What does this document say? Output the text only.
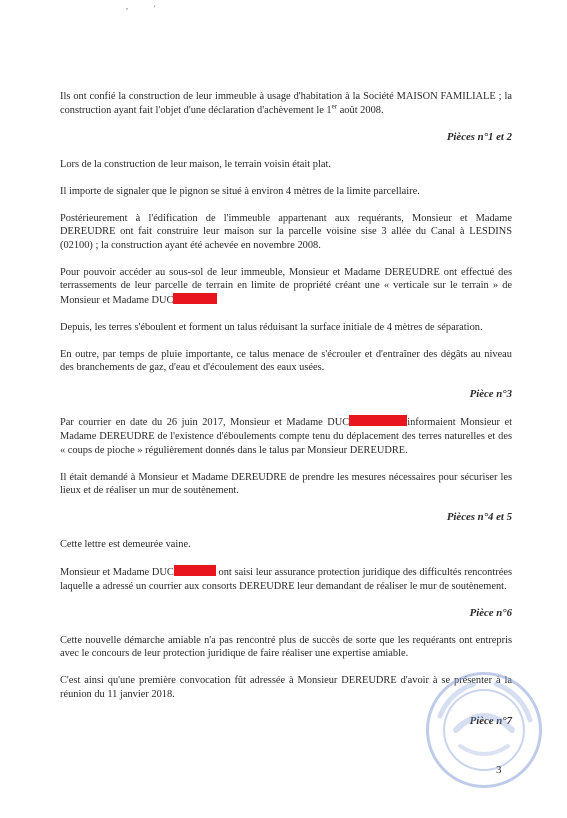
,	'

Ils ont confié la construction de leur immeuble à usage d'habitation à la Société MAISON FAMILIALE ; la construction ayant fait l'objet d'une déclaration d'achèvement le 1er août 2008.

Pièces n°1 et 2

Lors de la construction de leur maison, le terrain voisin était plat.

Il importe de signaler que le pignon se situé à environ 4 mètres de la limite parcellaire.

Postérieurement à l'édification de l'immeuble appartenant aux requérants, Monsieur et Madame DEREUDRE ont fait construire leur maison sur la parcelle voisine sise 3 allée du Canal à LESDINS (02100) ; la construction ayant été achevée en novembre 2008.

Pour pouvoir accéder au sous-sol de leur immeuble, Monsieur et Madame DEREUDRE ont effectué des terrassements de leur parcelle de terrain en limite de propriété créant une « verticale sur le terrain » de Monsieur et Madame DUC

Depuis, les terres s'éboulent et forment un talus réduisant la surface initiale de 4 mètres de séparation.

En outre, par temps de pluie importante, ce talus menace de s'écrouler et d'entraîner des dégâts au niveau des branchements de gaz, d'eau et d'écoulement des eaux usées.

Pièce n°3

Par courrier en date du 26 juin 2017, Monsieur et Madame DUC	informaient Monsieur et Madame DEREUDRE de l'existence d'éboulements compte tenu du déplacement des terres naturelles et des « coups de pioche » régulièrement donnés dans le talus par Monsieur DEREUDRE.

Il était demandé à Monsieur et Madame DEREUDRE de prendre les mesures nécessaires pour sécuriser les lieux et de réaliser un mur de soutènement.

Pièces n°4 et 5

Cette lettre est demeurée vaine.

Monsieur et Madame DUC	ont saisi leur assurance protection juridique des difficultés rencontrées laquelle a adressé un courrier aux consorts DEREUDRE leur demandant de réaliser le mur de soutènement.

Pièce n°6

Cette nouvelle démarche amiable n'a pas rencontré plus de succès de sorte que les requérants ont entrepris avec le concours de leur protection juridique de faire réaliser une expertise amiable.

C'est ainsi qu'une première convocation fût adressée à Monsieur DEREUDRE d'avoir à se présenter à la réunion du 11 janvier 2018.

Pièce n°7

3
